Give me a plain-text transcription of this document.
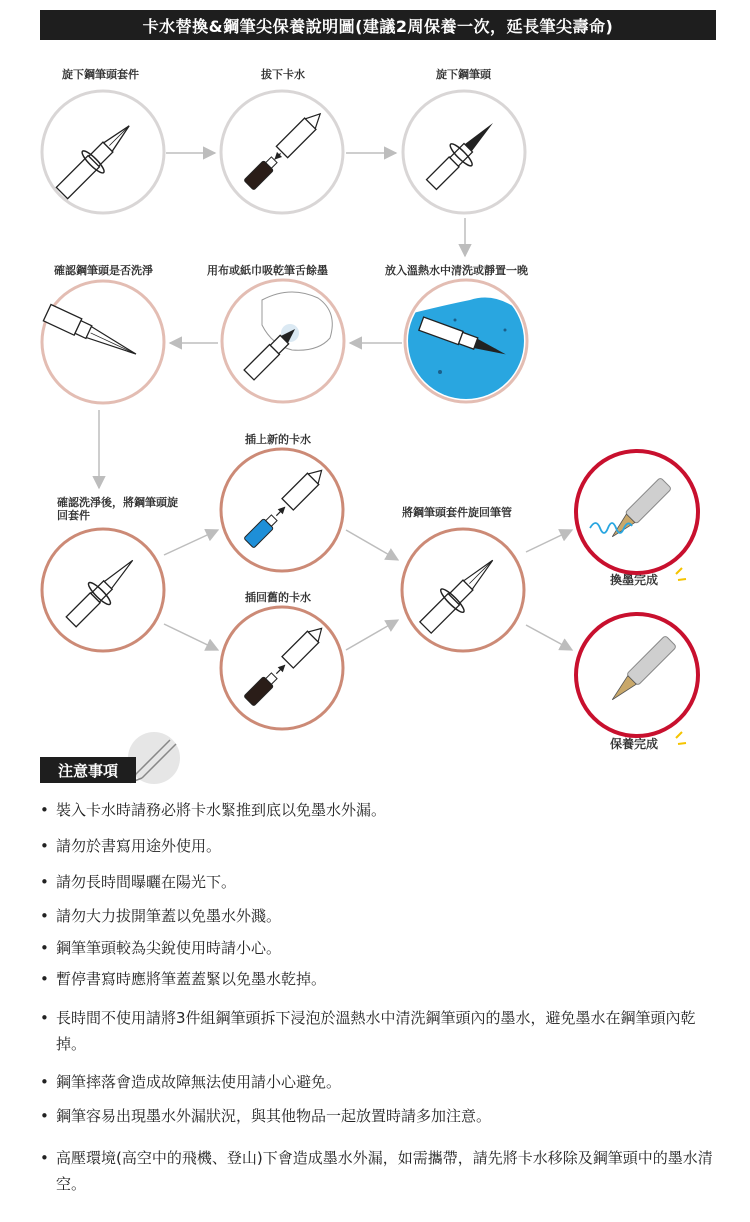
卡水替換&鋼筆尖保養說明圖(建議2周保養一次，延長筆尖壽命)
旋下鋼筆頭套件	拔下卡水	旋下鋼筆頭
確認鋼筆頭是否洗淨	用布或紙巾吸乾筆舌餘墨	放入溫熱水中清洗或靜置一晚
確認洗淨後，將鋼筆頭旋回套件
插上新的卡水
插回舊的卡水
將鋼筆頭套件旋回筆管
換墨完成
保養完成
注意事項
• 裝入卡水時請務必將卡水緊推到底以免墨水外漏。
• 請勿於書寫用途外使用。
• 請勿長時間曝曬在陽光下。
• 請勿大力拔開筆蓋以免墨水外濺。
• 鋼筆筆頭較為尖銳使用時請小心。
• 暫停書寫時應將筆蓋蓋緊以免墨水乾掉。
• 長時間不使用請將3件組鋼筆頭拆下浸泡於溫熱水中清洗鋼筆頭內的墨水，避免墨水在鋼筆頭內乾掉。
• 鋼筆摔落會造成故障無法使用請小心避免。
• 鋼筆容易出現墨水外漏狀況，與其他物品一起放置時請多加注意。
• 高壓環境(高空中的飛機、登山)下會造成墨水外漏，如需攜帶，請先將卡水移除及鋼筆頭中的墨水清空。
